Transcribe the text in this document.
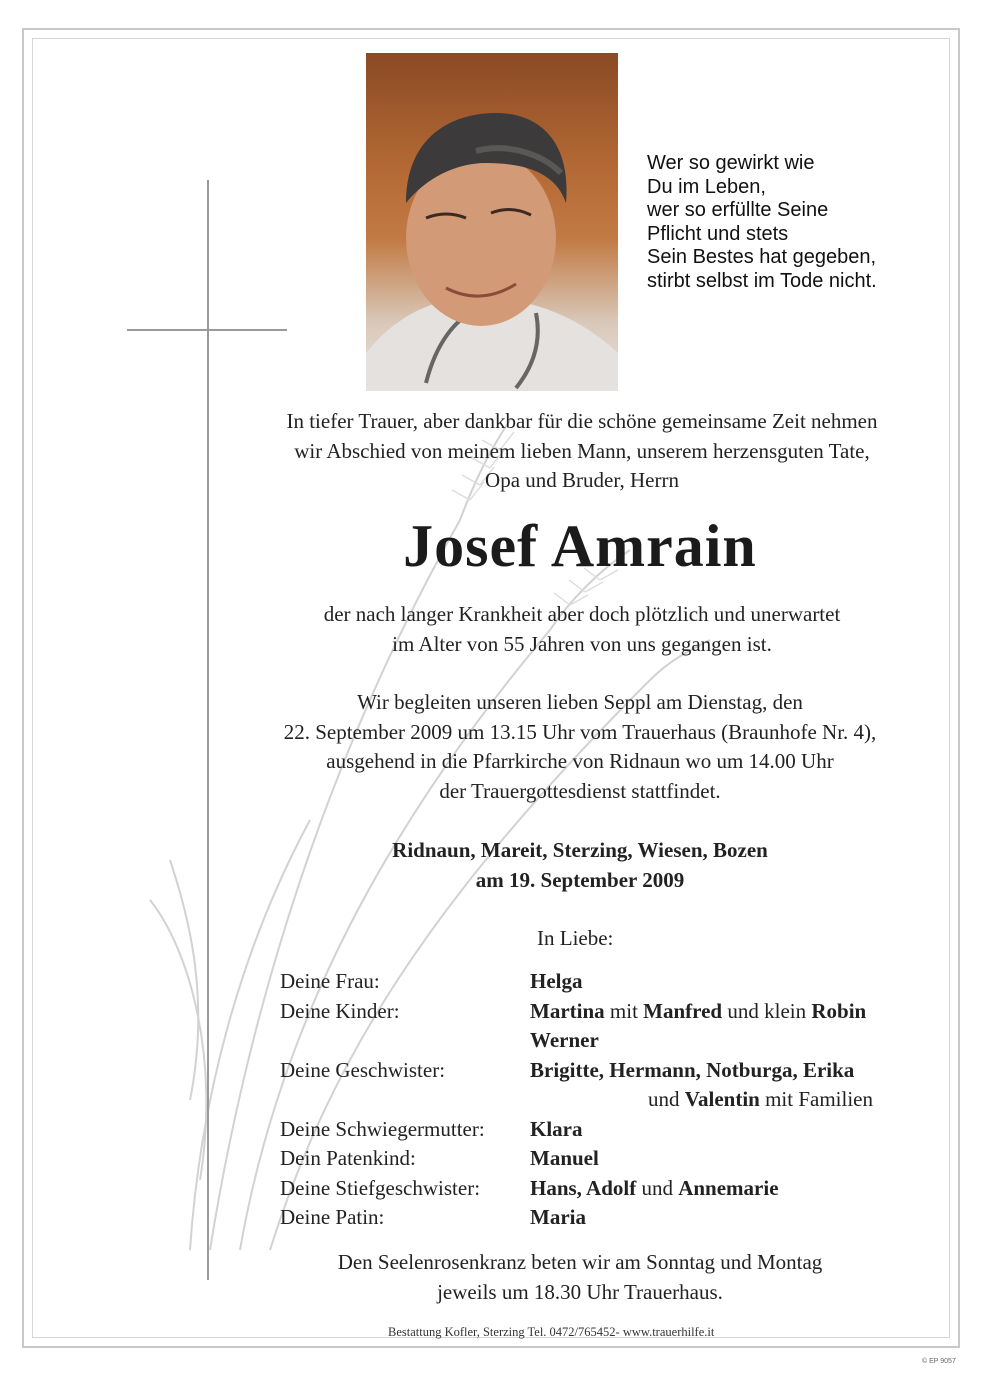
Wer so gewirkt wie
Du im Leben,
wer so erfüllte Seine
Pflicht und stets
Sein Bestes hat gegeben,
stirbt selbst im Tode nicht.
In tiefer Trauer, aber dankbar für die schöne gemeinsame Zeit nehmen
wir Abschied von meinem lieben Mann, unserem herzensguten Tate,
Opa und Bruder, Herrn
Josef Amrain
der nach langer Krankheit aber doch plötzlich und unerwartet
im Alter von 55 Jahren von uns gegangen ist.
Wir begleiten unseren lieben Seppl am Dienstag, den
22. September 2009 um 13.15 Uhr vom Trauerhaus (Braunhofe Nr. 4),
ausgehend in die Pfarrkirche von Ridnaun wo um 14.00 Uhr
der Trauergottesdienst stattfindet.
Ridnaun, Mareit, Sterzing, Wiesen, Bozen
am 19. September 2009
In Liebe:
Deine Frau:	Helga
Deine Kinder:	Martina mit Manfred und klein Robin
Werner
Deine Geschwister:	Brigitte, Hermann, Notburga, Erika
und Valentin mit Familien
Deine Schwiegermutter: Klara
Dein Patenkind:	Manuel
Deine Stiefgeschwister: Hans, Adolf und Annemarie
Deine Patin:	Maria
Den Seelenrosenkranz beten wir am Sonntag und Montag
jeweils um 18.30 Uhr Trauerhaus.
Bestattung Kofler, Sterzing Tel. 0472/765452- www.trauerhilfe.it
© EP 9057
